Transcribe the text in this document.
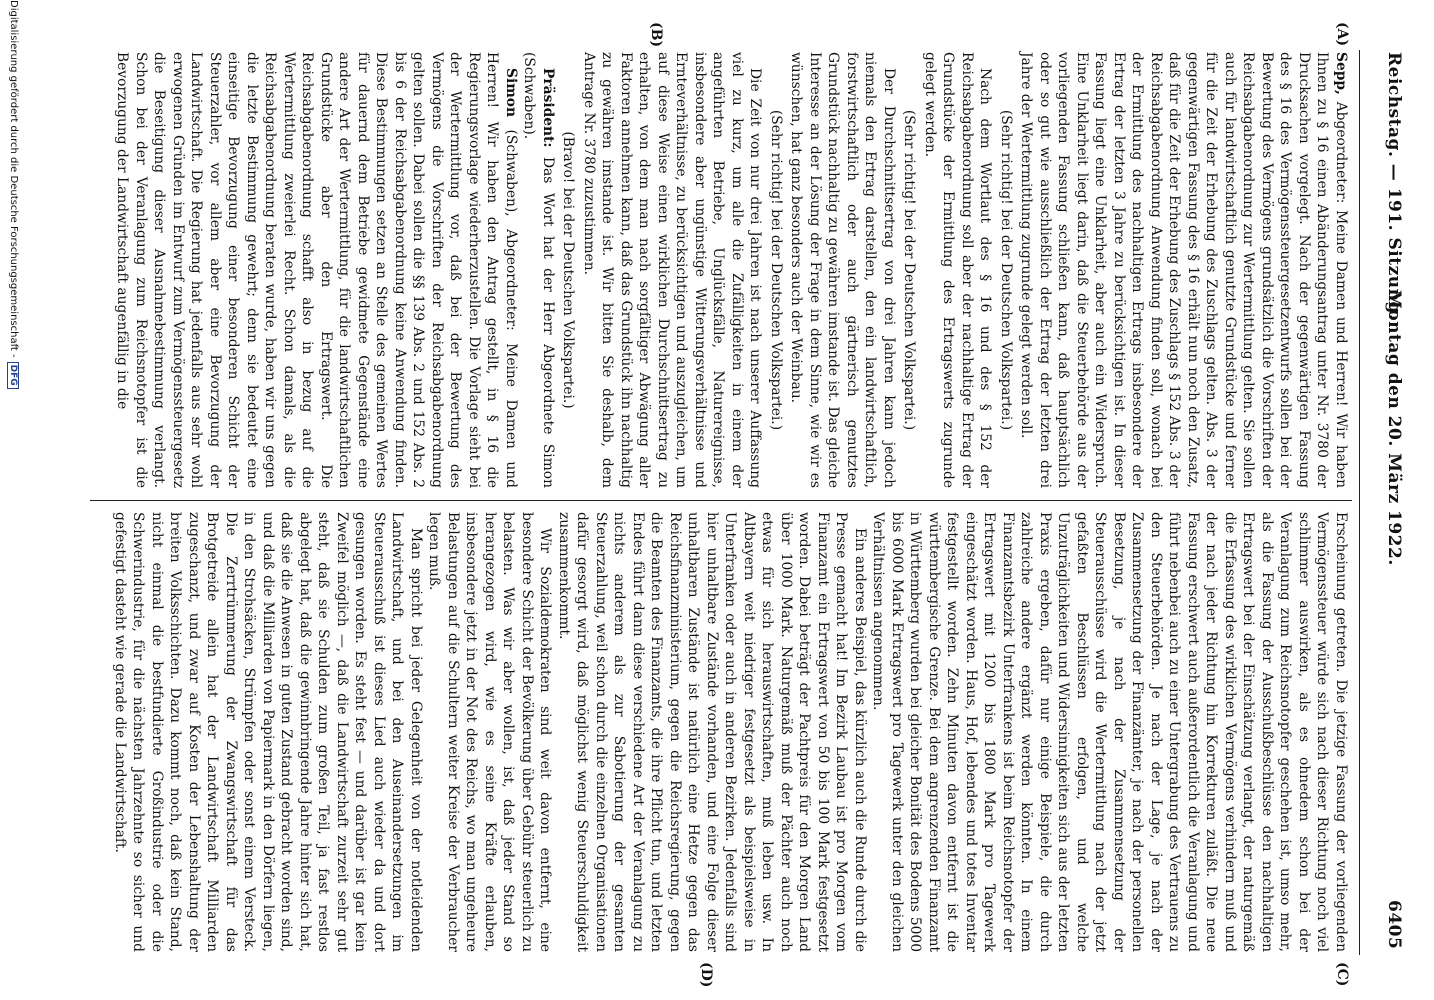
Reichstag. — 191. Sitzung.
Montag den 20. März 1922.
6405
(A)
(B)
(C)
(D)

Sepp, Abgeordneter: Meine Damen und Herren! Wir haben Ihnen zu § 16 einen Abänderungsantrag unter Nr. 3780 der Drucksachen vorgelegt. Nach der gegenwärtigen Fassung des § 16 des Vermögenssteuergesetzentwurfs sollen bei der Bewertung des Vermögens grundsätzlich die Vorschriften der Reichsabgabenordnung zur Wertermittlung gelten. Sie sollen auch für landwirtschaftlich genutzte Grundstücke und ferner für die Zeit der Erhebung des Zuschlags gelten. Abs. 3 der gegenwärtigen Fassung des § 16 erhält nun noch den Zusatz, daß für die Zeit der Erhebung des Zuschlags § 152 Abs. 3 der Reichsabgabenordnung Anwendung finden soll, wonach bei der Ermittlung des nachhaltigen Ertrags insbesondere der Ertrag der letzten 3 Jahre zu berücksichtigen ist. In dieser Fassung liegt eine Unklarheit, aber auch ein Widerspruch. Eine Unklarheit liegt darin, daß die Steuerbehörde aus der vorliegenden Fassung schließen kann, daß hauptsächlich oder so gut wie ausschließlich der Ertrag der letzten drei Jahre der Wertermittlung zugrunde gelegt werden soll.

(Sehr richtig! bei der Deutschen Volkspartei.)

Nach dem Wortlaut des § 16 und des § 152 der Reichsabgabenordnung soll aber der nachhaltige Ertrag der Grundstücke der Ermittlung des Ertragswerts zugrunde gelegt werden.

(Sehr richtig! bei der Deutschen Volkspartei.)

Der Durchschnittsertrag von drei Jahren kann jedoch niemals den Ertrag darstellen, den ein landwirtschaftlich, forstwirtschaftlich oder auch gärtnerisch genutztes Grundstück nachhaltig zu gewähren imstande ist. Das gleiche Interesse an der Lösung der Frage in dem Sinne, wie wir es wünschen, hat ganz besonders auch der Weinbau.

(Sehr richtig! bei der Deutschen Volkspartei.)

Die Zeit von nur drei Jahren ist nach unserer Auffassung viel zu kurz, um alle die Zufälligkeiten in einem der angeführten Betriebe, Unglücksfälle, Naturereignisse, insbesondere aber ungünstige Witterungsverhältnisse und Ernteverhältnisse, zu berücksichtigen und auszugleichen, um auf diese Weise einen wirklichen Durchschnittsertrag zu erhalten, von dem man nach sorgfältiger Abwägung aller Faktoren annehmen kann, daß das Grundstück ihn nachhaltig zu gewähren imstande ist. Wir bitten Sie deshalb, dem Antrage Nr. 3780 zuzustimmen.

(Bravo! bei der Deutschen Volkspartei.)

Präsident: Das Wort hat der Herr Abgeordnete Simon (Schwaben).

Simon (Schwaben), Abgeordneter: Meine Damen und Herren! Wir haben den Antrag gestellt, in § 16 die Regierungsvorlage wiederherzustellen. Die Vorlage sieht bei der Wertermittlung vor, daß bei der Bewertung des Vermögens die Vorschriften der Reichsabgabenordnung gelten sollen. Dabei sollen die §§ 139 Abs. 2 und 152 Abs. 2 bis 6 der Reichsabgabenordnung keine Anwendung finden. Diese Bestimmungen setzen an Stelle des gemeinen Wertes für dauernd dem Betriebe gewidmete Gegenstände eine andere Art der Wertermittlung, für die landwirtschaftlichen Grundstücke aber den Ertragswert. Die Reichsabgabenordnung schafft also in bezug auf die Wertermittlung zweierlei Recht. Schon damals, als die Reichsabgabenordnung beraten wurde, haben wir uns gegen die letzte Bestimmung gewehrt; denn sie bedeutet eine einseitige Bevorzugung einer besonderen Schicht der Steuerzahler, vor allem aber eine Bevorzugung der Landwirtschaft. Die Regierung hat jedenfalls aus sehr wohl erwogenen Gründen im Entwurf zum Vermögenssteuergesetz die Beseitigung dieser Ausnahmebestimmung verlangt. Schon bei der Veranlagung zum Reichsnotopfer ist die Bevorzugung der Landwirtschaft augenfällig in die

Erscheinung getreten. Die jetzige Fassung der vorliegenden Vermögenssteuer würde sich nach dieser Richtung noch viel schlimmer auswirken, als es ohnedem schon bei der Veranlagung zum Reichsnotopfer geschehen ist, umso mehr, als die Fassung der Ausschußbeschlüsse den nachhaltigen Ertragswert bei der Einschätzung verlangt, der naturgemäß die Erfassung des wirklichen Vermögens verhindern muß und der nach jeder Richtung hin Korrekturen zuläßt. Die neue Fassung erschwert auch außerordentlich die Veranlagung und führt nebenbei auch zu einer Untergrabung des Vertrauens zu den Steuerbehörden. Je nach der Lage, je nach der Zusammensetzung der Finanzämter, je nach der personellen Besetzung, je nach der Zusammensetzung der Steuerausschüsse wird die Wertermittlung nach der jetzt gefaßten Beschlüssen erfolgen, und welche Unzuträglichkeiten und Widersinnigkeiten sich aus der letzten Praxis ergeben, dafür nur einige Beispiele, die durch zahlreiche andere ergänzt werden könnten. In einem Finanzamtsbezirk Unterfrankens ist beim Reichsnotopfer der Ertragswert mit 1200 bis 1800 Mark pro Tagewerk eingeschätzt worden. Haus, Hof, lebendes und totes Inventar festgestellt worden. Zehn Minuten davon entfernt ist die württembergische Grenze. Bei dem angrenzenden Finanzamt in Württemberg wurden bei gleicher Bonität des Bodens 5000 bis 6000 Mark Ertragswert pro Tagewerk unter den gleichen Verhältnissen angenommen.

Ein anderes Beispiel, das kürzlich auch die Runde durch die Presse gemacht hat! Im Bezirk Laubau ist pro Morgen vom Finanzamt ein Ertragswert von 50 bis 100 Mark festgesetzt worden. Dabei beträgt der Pachtpreis für den Morgen Land über 1000 Mark. Naturgemäß muß der Pächter auch noch etwas für sich herauswirtschaften, muß leben usw. In Altbayern weit niedriger festgesetzt als beispielsweise in Unterfranken oder auch in anderen Bezirken. Jedenfalls sind hier unhaltbare Zustände vorhanden, und eine Folge dieser unhaltbaren Zustände ist natürlich eine Hetze gegen das Reichsfinanzministerium, gegen die Reichsregierung, gegen die Beamten des Finanzamts, die ihre Pflicht tun, und letzten Endes führt dann diese verschiedene Art der Veranlagung zu nichts anderem als zur Sabotierung der gesamten Steuerzahlung, weil schon durch die einzelnen Organisationen dafür gesorgt wird, daß möglichst wenig Steuerschuldigkeit zusammenkommt.

Wir Sozialdemokraten sind weit davon entfernt, eine besondere Schicht der Bevölkerung über Gebühr steuerlich zu belasten. Was wir aber wollen, ist, daß jeder Stand so herangezogen wird, wie es seine Kräfte erlauben, insbesondere jetzt in der Not des Reichs, wo man ungeheure Belastungen auf die Schultern weiter Kreise der Verbraucher legen muß.

Man spricht bei jeder Gelegenheit von der notleidenden Landwirtschaft, und bei den Auseinandersetzungen im Steuerausschuß ist dieses Lied auch wieder da und dort gesungen worden. Es steht fest — und darüber ist gar kein Zweifel möglich —, daß die Landwirtschaft zurzeit sehr gut steht, daß sie Schulden zum großen Teil, ja fast restlos abgelegt hat, daß die gewinnbringende Jahre hinter sich hat, daß sie die Anwesen in guten Zustand gebracht worden sind, und daß die Milliarden von Papiermark in den Dörfern liegen, in den Strohsäcken, Strümpfen oder sonst einem Versteck. Die Zerrtrümmerung der Zwangswirtschaft für das Brotgetreide allein hat der Landwirtschaft Milliarden zugeschanzt, und zwar auf Kosten der Lebenshaltung der breiten Volksschichten. Dazu kommt noch, daß kein Stand, nicht einmal die bestfundierte Großindustrie oder die Schwerindustrie, für die nächsten Jahrzehnte so sicher und gefestigt dasteht wie gerade die Landwirtschaft.

Digitalisierung gefördert durch die Deutsche Forschungsgemeinschaft -DFG
